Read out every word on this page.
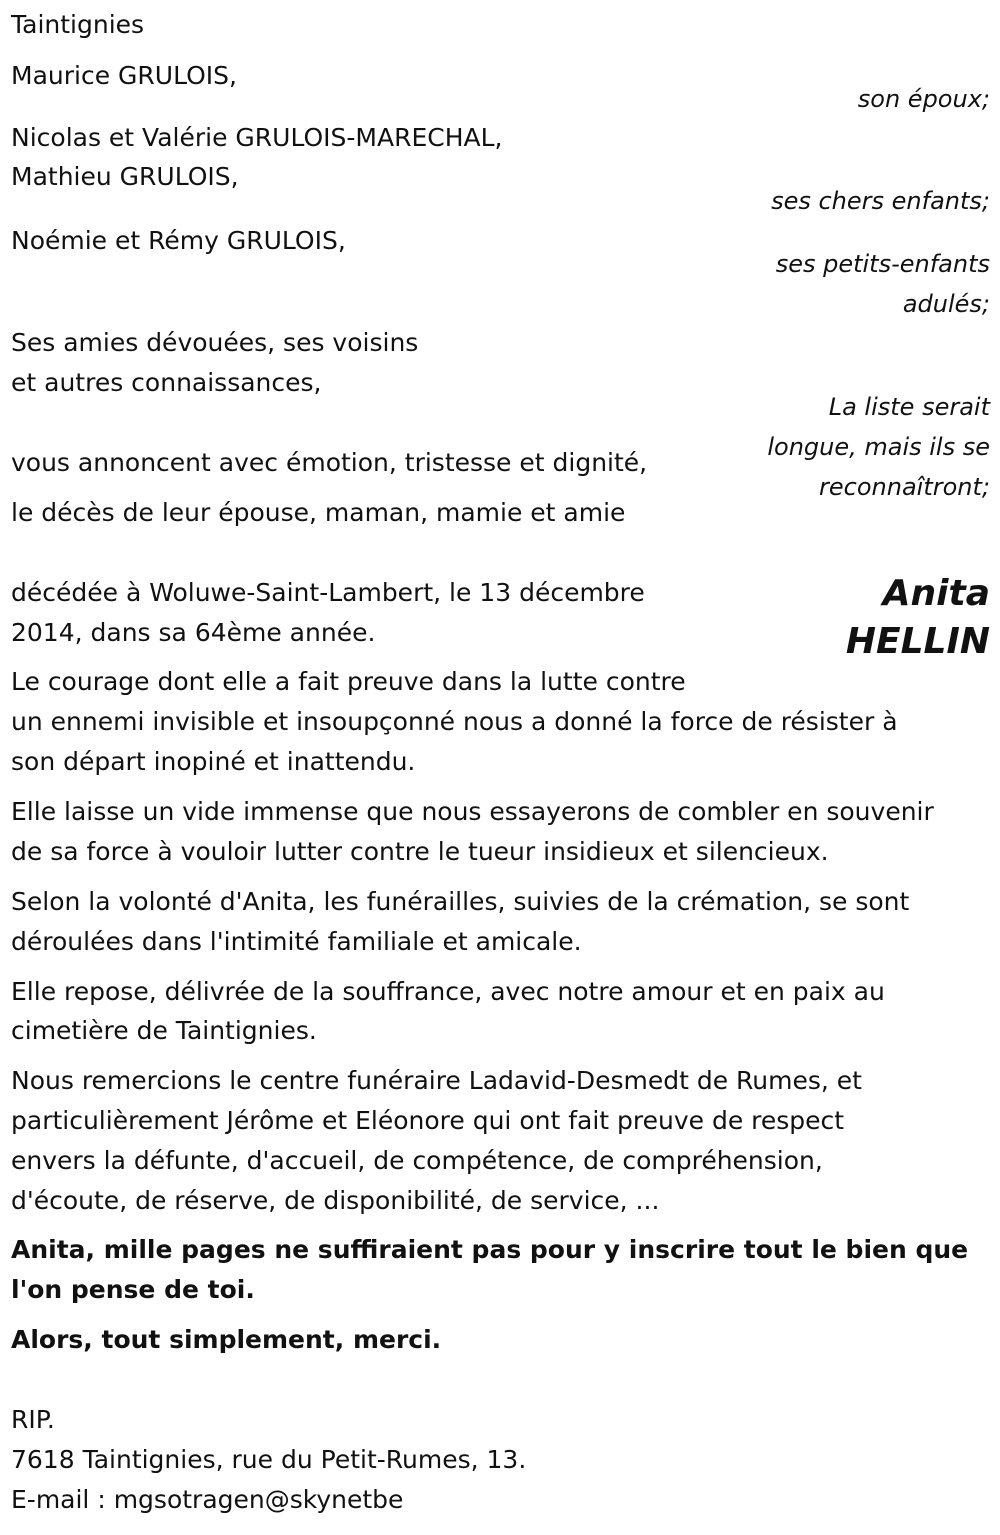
Taintignies
Maurice GRULOIS,
son époux;
Nicolas et Valérie GRULOIS-MARECHAL,
Mathieu GRULOIS,
ses chers enfants;
Noémie et Rémy GRULOIS,
ses petits-enfants
adulés;
Ses amies dévouées, ses voisins
et autres connaissances,
La liste serait
longue, mais ils se
reconnaîtront;
vous annoncent avec émotion, tristesse et dignité,
le décès de leur épouse, maman, mamie et amie
Anita
HELLIN
décédée à Woluwe-Saint-Lambert, le 13 décembre
2014, dans sa 64ème année.
Le courage dont elle a fait preuve dans la lutte contre
un ennemi invisible et insoupçonné nous a donné la force de résister à
son départ inopiné et inattendu.
Elle laisse un vide immense que nous essayerons de combler en souvenir
de sa force à vouloir lutter contre le tueur insidieux et silencieux.
Selon la volonté d'Anita, les funérailles, suivies de la crémation, se sont
déroulées dans l'intimité familiale et amicale.
Elle repose, délivrée de la souffrance, avec notre amour et en paix au
cimetière de Taintignies.
Nous remercions le centre funéraire Ladavid-Desmedt de Rumes, et
particulièrement Jérôme et Eléonore qui ont fait preuve de respect
envers la défunte, d'accueil, de compétence, de compréhension,
d'écoute, de réserve, de disponibilité, de service, ...
Anita, mille pages ne suffiraient pas pour y inscrire tout le bien que
l'on pense de toi.
Alors, tout simplement, merci.
RIP.
7618 Taintignies, rue du Petit-Rumes, 13.
E-mail : mgsotragen@skynetbe
